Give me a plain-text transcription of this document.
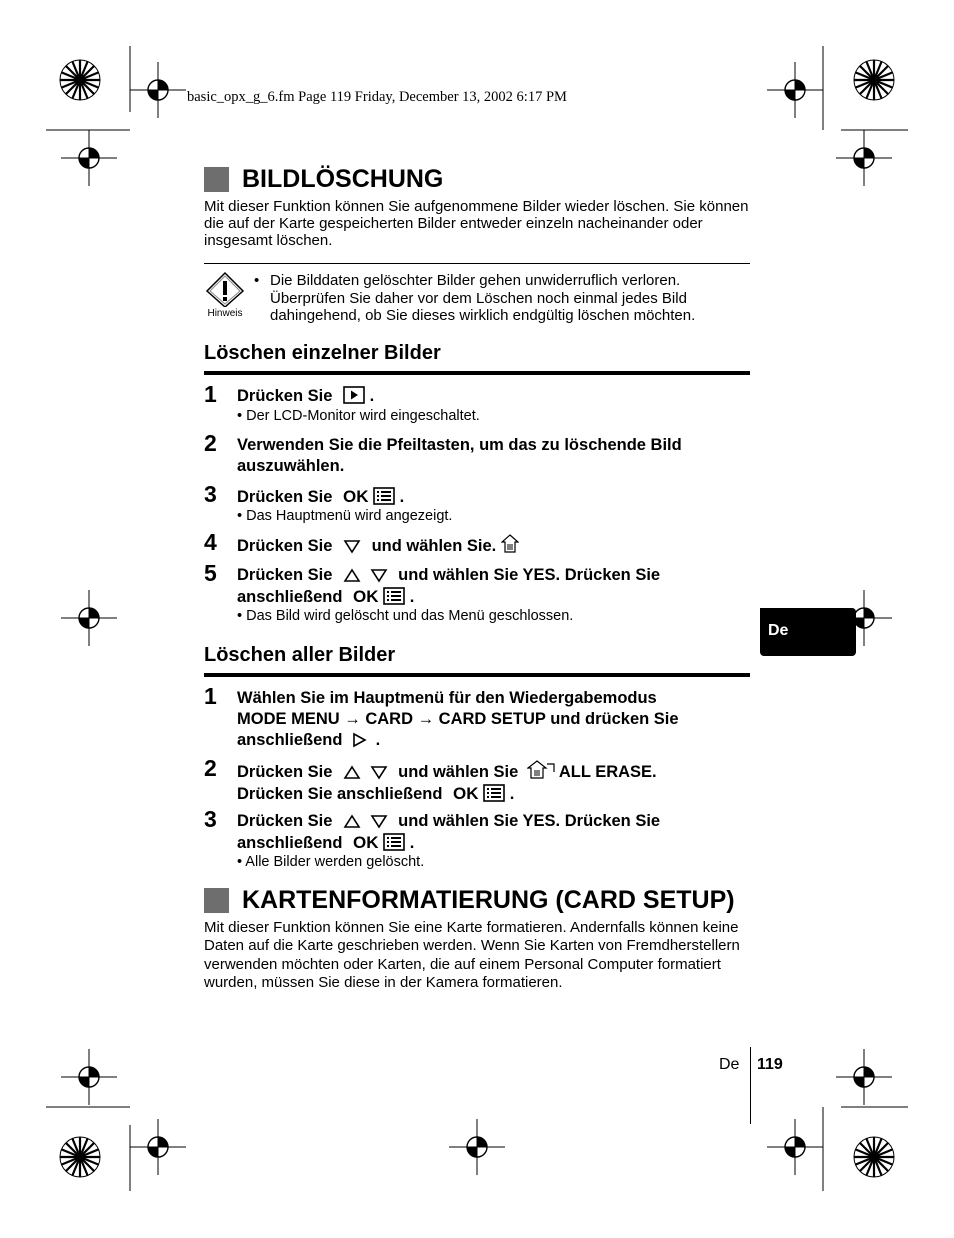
basic_opx_g_6.fm Page 119 Friday, December 13, 2002 6:17 PM
BILDLÖSCHUNG
Mit dieser Funktion können Sie aufgenommene Bilder wieder löschen. Sie können die auf der Karte gespeicherten Bilder entweder einzeln nacheinander oder insgesamt löschen.
Hinweis
• Die Bilddaten gelöschter Bilder gehen unwiderruflich verloren. Überprüfen Sie daher vor dem Löschen noch einmal jedes Bild dahingehend, ob Sie dieses wirklich endgültig löschen möchten.
Löschen einzelner Bilder
1 Drücken Sie .
• Der LCD-Monitor wird eingeschaltet.
2 Verwenden Sie die Pfeiltasten, um das zu löschende Bild auszuwählen.
3 Drücken Sie OK .
• Das Hauptmenü wird angezeigt.
4 Drücken Sie und wählen Sie.
5 Drücken Sie	und wählen Sie YES. Drücken Sie
anschließend OK .
• Das Bild wird gelöscht und das Menü geschlossen.
Löschen aller Bilder
1 Wählen Sie im Hauptmenü für den Wiedergabemodus
MODE MENU → CARD → CARD SETUP und drücken Sie
anschließend .
2 Drücken Sie	und wählen Sie ALL ERASE.
Drücken Sie anschließend OK .
3 Drücken Sie	und wählen Sie YES. Drücken Sie
anschließend OK .
• Alle Bilder werden gelöscht.
KARTENFORMATIERUNG (CARD SETUP)
Mit dieser Funktion können Sie eine Karte formatieren. Andernfalls können keine Daten auf die Karte geschrieben werden. Wenn Sie Karten von Fremdherstellern verwenden möchten oder Karten, die auf einem Personal Computer formatiert wurden, müssen Sie diese in der Kamera formatieren.
De
De 119
